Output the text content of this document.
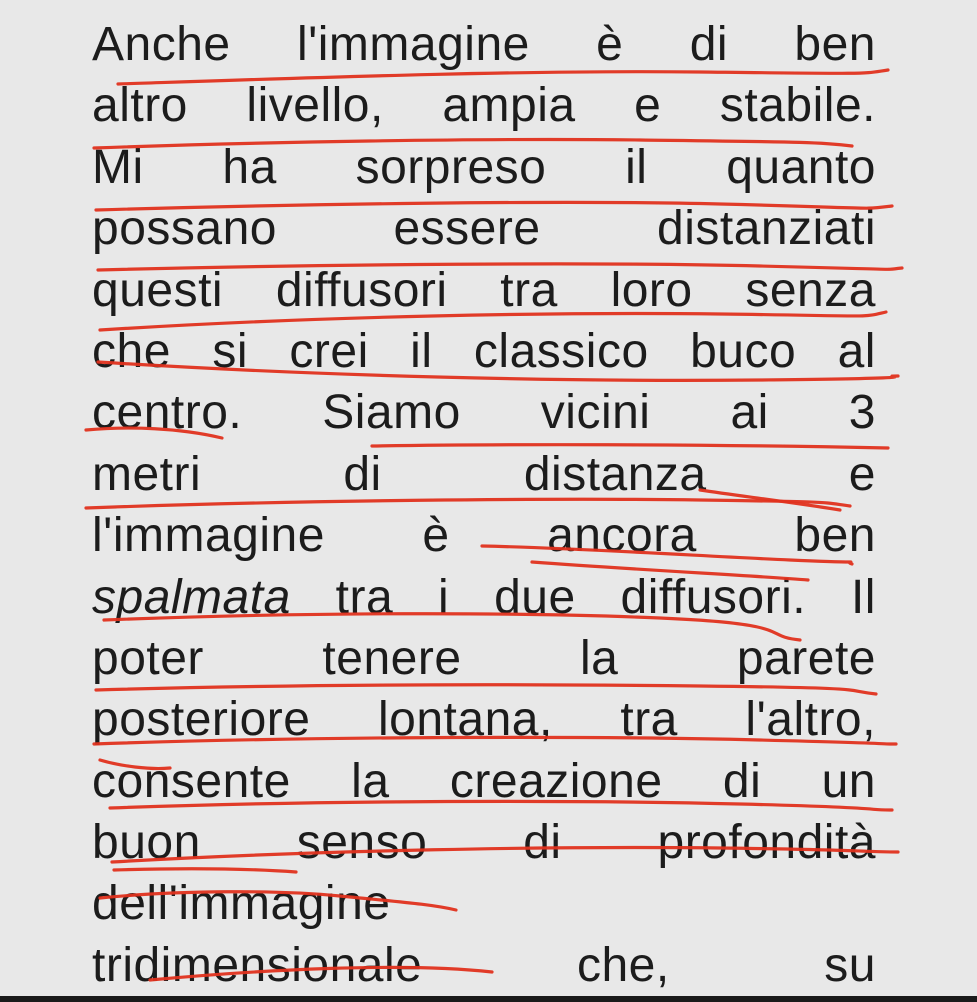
Anche l'immagine è di ben
altro livello, ampia e stabile.
Mi ha sorpreso il quanto
possano essere distanziati
questi diffusori tra loro senza
che si crei il classico buco al
centro. Siamo vicini ai 3
metri	di	distanza	e
l'immagine è ancora ben
spalmata tra i due diffusori. Il
poter tenere la parete
posteriore lontana, tra l'altro,
consente la creazione di un
buon senso di profondità
dell'immagine
tridimensionale	che,	su
